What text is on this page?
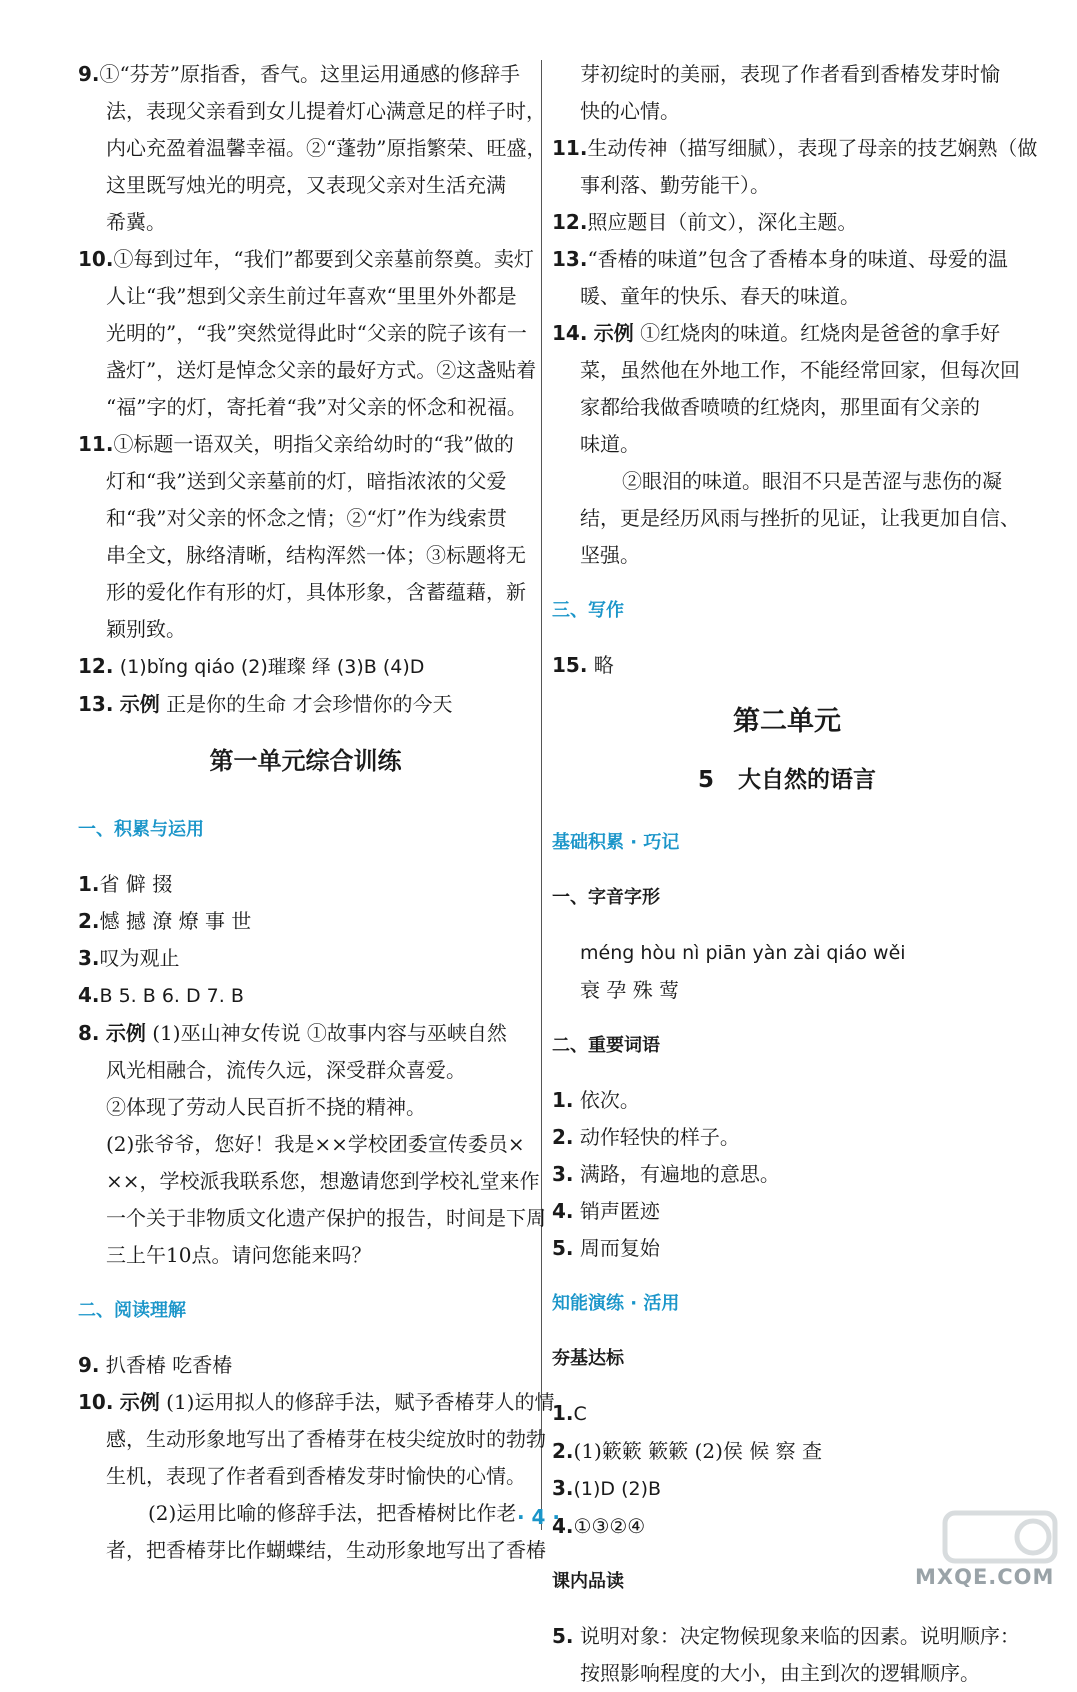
9.①“芬芳”原指香，香气。这里运用通感的修辞手

法，表现父亲看到女儿提着灯心满意足的样子时，

内心充盈着温馨幸福。②“蓬勃”原指繁荣、旺盛，

这里既写烛光的明亮，又表现父亲对生活充满

希冀。

10.①每到过年，“我们”都要到父亲墓前祭奠。卖灯

人让“我”想到父亲生前过年喜欢“里里外外都是

光明的”，“我”突然觉得此时“父亲的院子该有一

盏灯”，送灯是悼念父亲的最好方式。②这盏贴着

“福”字的灯，寄托着“我”对父亲的怀念和祝福。

11.①标题一语双关，明指父亲给幼时的“我”做的

灯和“我”送到父亲墓前的灯，暗指浓浓的父爱

和“我”对父亲的怀念之情；②“灯”作为线索贯

串全文，脉络清晰，结构浑然一体；③标题将无

形的爱化作有形的灯，具体形象，含蓄蕴藉，新

颖别致。

12. (1)bǐng qiáo (2)璀璨 绎 (3)B (4)D

13. 示例 正是你的生命 才会珍惜你的今天

第一单元综合训练

一、积累与运用

1.省 僻 掇

2.憾 撼 潦 燎 事 世

3.叹为观止

4.B 5. B 6. D 7. B

8. 示例 (1)巫山神女传说 ①故事内容与巫峡自然

风光相融合，流传久远，深受群众喜爱。

②体现了劳动人民百折不挠的精神。

(2)张爷爷，您好！我是××学校团委宣传委员×

××，学校派我联系您，想邀请您到学校礼堂来作

一个关于非物质文化遗产保护的报告，时间是下周

三上午10点。请问您能来吗？

二、阅读理解

9. 扒香椿 吃香椿

10. 示例 (1)运用拟人的修辞手法，赋予香椿芽人的情

感，生动形象地写出了香椿芽在枝尖绽放时的勃勃

生机，表现了作者看到香椿发芽时愉快的心情。

(2)运用比喻的修辞手法，把香椿树比作老

者，把香椿芽比作蝴蝶结，生动形象地写出了香椿

芽初绽时的美丽，表现了作者看到香椿发芽时愉

快的心情。

11.生动传神（描写细腻），表现了母亲的技艺娴熟（做

事利落、勤劳能干）。

12.照应题目（前文），深化主题。

13.“香椿的味道”包含了香椿本身的味道、母爱的温

暖、童年的快乐、春天的味道。

14. 示例 ①红烧肉的味道。红烧肉是爸爸的拿手好

菜，虽然他在外地工作，不能经常回家，但每次回

家都给我做香喷喷的红烧肉，那里面有父亲的

味道。

②眼泪的味道。眼泪不只是苦涩与悲伤的凝

结，更是经历风雨与挫折的见证，让我更加自信、

坚强。

三、写作

15. 略

第二单元

5 大自然的语言

基础积累 · 巧记

一、字音字形

méng hòu nì piān yàn zài qiáo wěi

衰 孕 殊 莺

二、重要词语

1. 依次。

2. 动作轻快的样子。

3. 满路，有遍地的意思。

4. 销声匿迹

5. 周而复始

知能演练 · 活用

夯基达标

1.C

2.(1)簌簌 簌簌 (2)侯 候 察 查

3.(1)D (2)B

4.①③②④

课内品读

5. 说明对象：决定物候现象来临的因素。说明顺序：

按照影响程度的大小，由主到次的逻辑顺序。

· 4 ·
MXQE.COM
